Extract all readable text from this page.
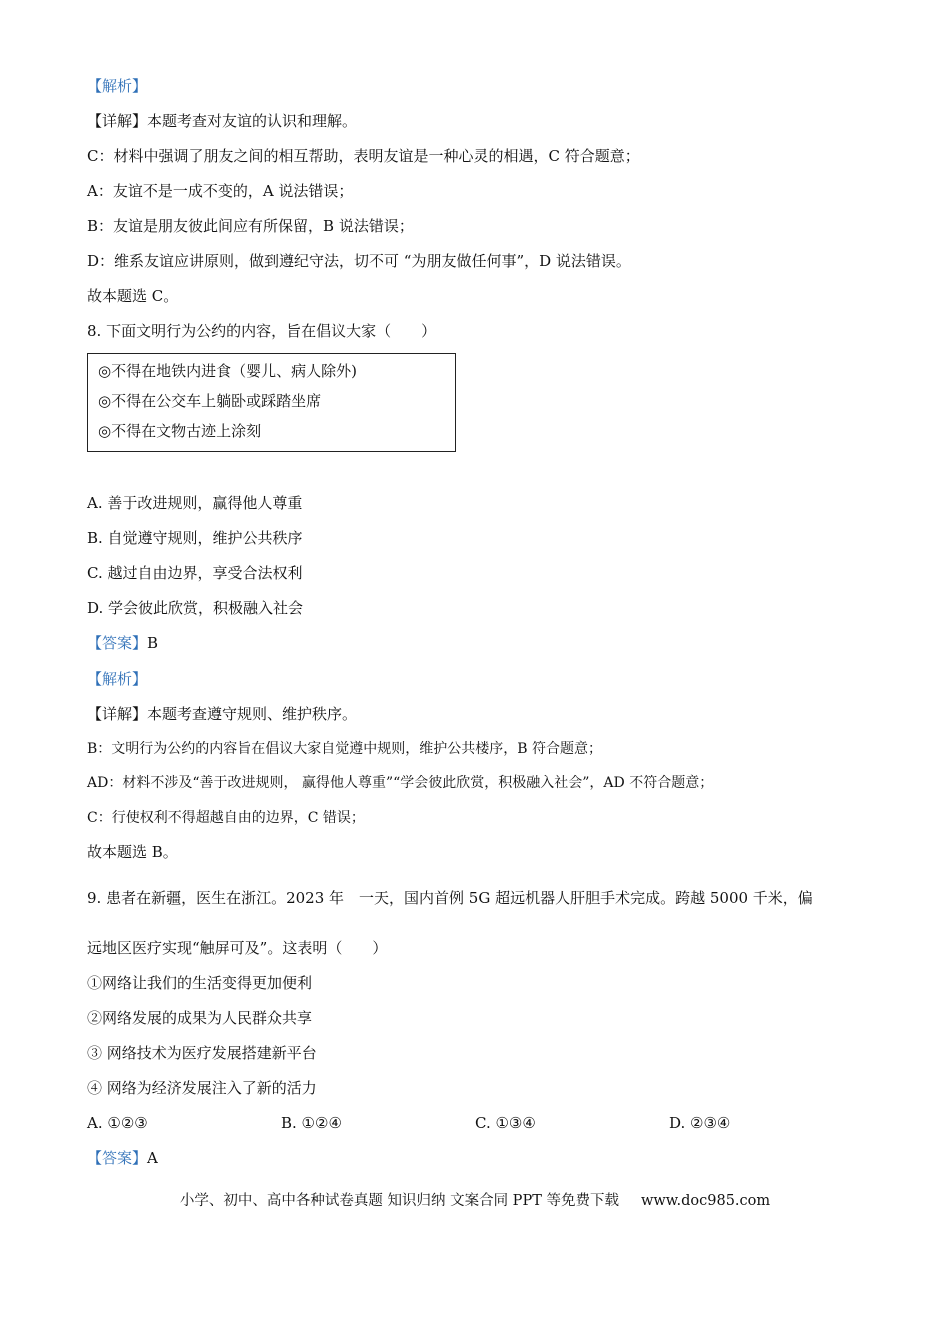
【解析】
【详解】本题考查对友谊的认识和理解。
C：材料中强调了朋友之间的相互帮助，表明友谊是一种心灵的相遇，C 符合题意；
A：友谊不是一成不变的，A 说法错误；
B：友谊是朋友彼此间应有所保留，B 说法错误；
D：维系友谊应讲原则，做到遵纪守法，切不可 “为朋友做任何事”，D 说法错误。
故本题选 C。
8. 下面文明行为公约的内容，旨在倡议大家（　　）
◎不得在地铁内进食（婴儿、病人除外)
◎不得在公交车上躺卧或踩踏坐席
◎不得在文物古迹上涂刻
A. 善于改进规则，赢得他人尊重
B. 自觉遵守规则，维护公共秩序
C. 越过自由边界，享受合法权利
D. 学会彼此欣赏，积极融入社会
【答案】B
【解析】
【详解】本题考查遵守规则、维护秩序。
B：文明行为公约的内容旨在倡议大家自觉遵中规则，维护公共楼序，B 符合题意；
AD：材料不涉及“善于改进规则， 赢得他人尊重”“学会彼此欣赏，积极融入社会”，AD 不符合题意；
C：行使权利不得超越自由的边界，C 错误；
故本题选 B。
9. 患者在新疆，医生在浙江。2023 年　一天，国内首例 5G 超远机器人肝胆手术完成。跨越 5000 千米，偏
远地区医疗实现“触屏可及”。这表明（　　）
①网络让我们的生活变得更加便利
②网络发展的成果为人民群众共享
③ 网络技术为医疗发展搭建新平台
④ 网络为经济发展注入了新的活力
A. ①②③	B. ①②④	C. ①③④	D. ②③④
【答案】A
小学、初中、高中各种试卷真题 知识归纳 文案合同 PPT 等免费下载 www.doc985.com
